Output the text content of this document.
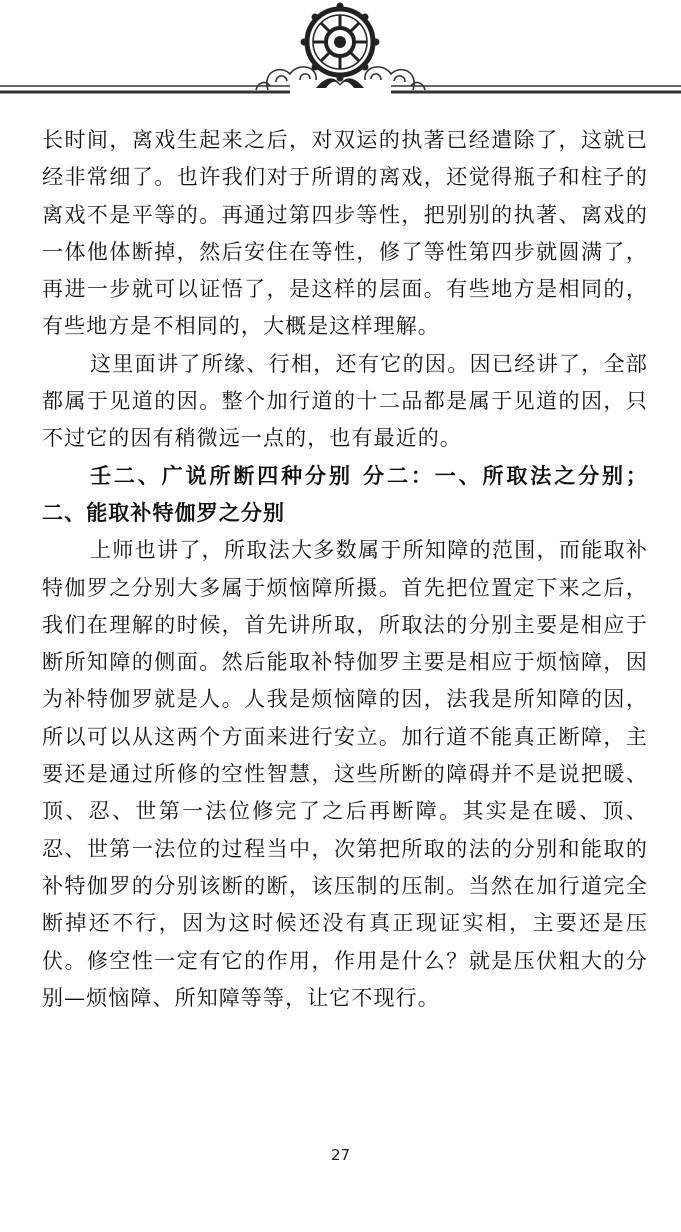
长时间，离戏生起来之后，对双运的执著已经遣除了，这就已经非常细了。也许我们对于所谓的离戏，还觉得瓶子和柱子的离戏不是平等的。再通过第四步等性，把别别的执著、离戏的一体他体断掉，然后安住在等性，修了等性第四步就圆满了，再进一步就可以证悟了，是这样的层面。有些地方是相同的，有些地方是不相同的，大概是这样理解。

这里面讲了所缘、行相，还有它的因。因已经讲了，全部都属于见道的因。整个加行道的十二品都是属于见道的因，只不过它的因有稍微远一点的，也有最近的。

壬二、广说所断四种分别 分二：一、所取法之分别；二、能取补特伽罗之分别

上师也讲了，所取法大多数属于所知障的范围，而能取补特伽罗之分别大多属于烦恼障所摄。首先把位置定下来之后，我们在理解的时候，首先讲所取，所取法的分别主要是相应于断所知障的侧面。然后能取补特伽罗主要是相应于烦恼障，因为补特伽罗就是人。人我是烦恼障的因，法我是所知障的因，所以可以从这两个方面来进行安立。加行道不能真正断障，主要还是通过所修的空性智慧，这些所断的障碍并不是说把暖、顶、忍、世第一法位修完了之后再断障。其实是在暖、顶、忍、世第一法位的过程当中，次第把所取的法的分别和能取的补特伽罗的分别该断的断，该压制的压制。当然在加行道完全断掉还不行，因为这时候还没有真正现证实相，主要还是压伏。修空性一定有它的作用，作用是什么？就是压伏粗大的分别—烦恼障、所知障等等，让它不现行。

27
